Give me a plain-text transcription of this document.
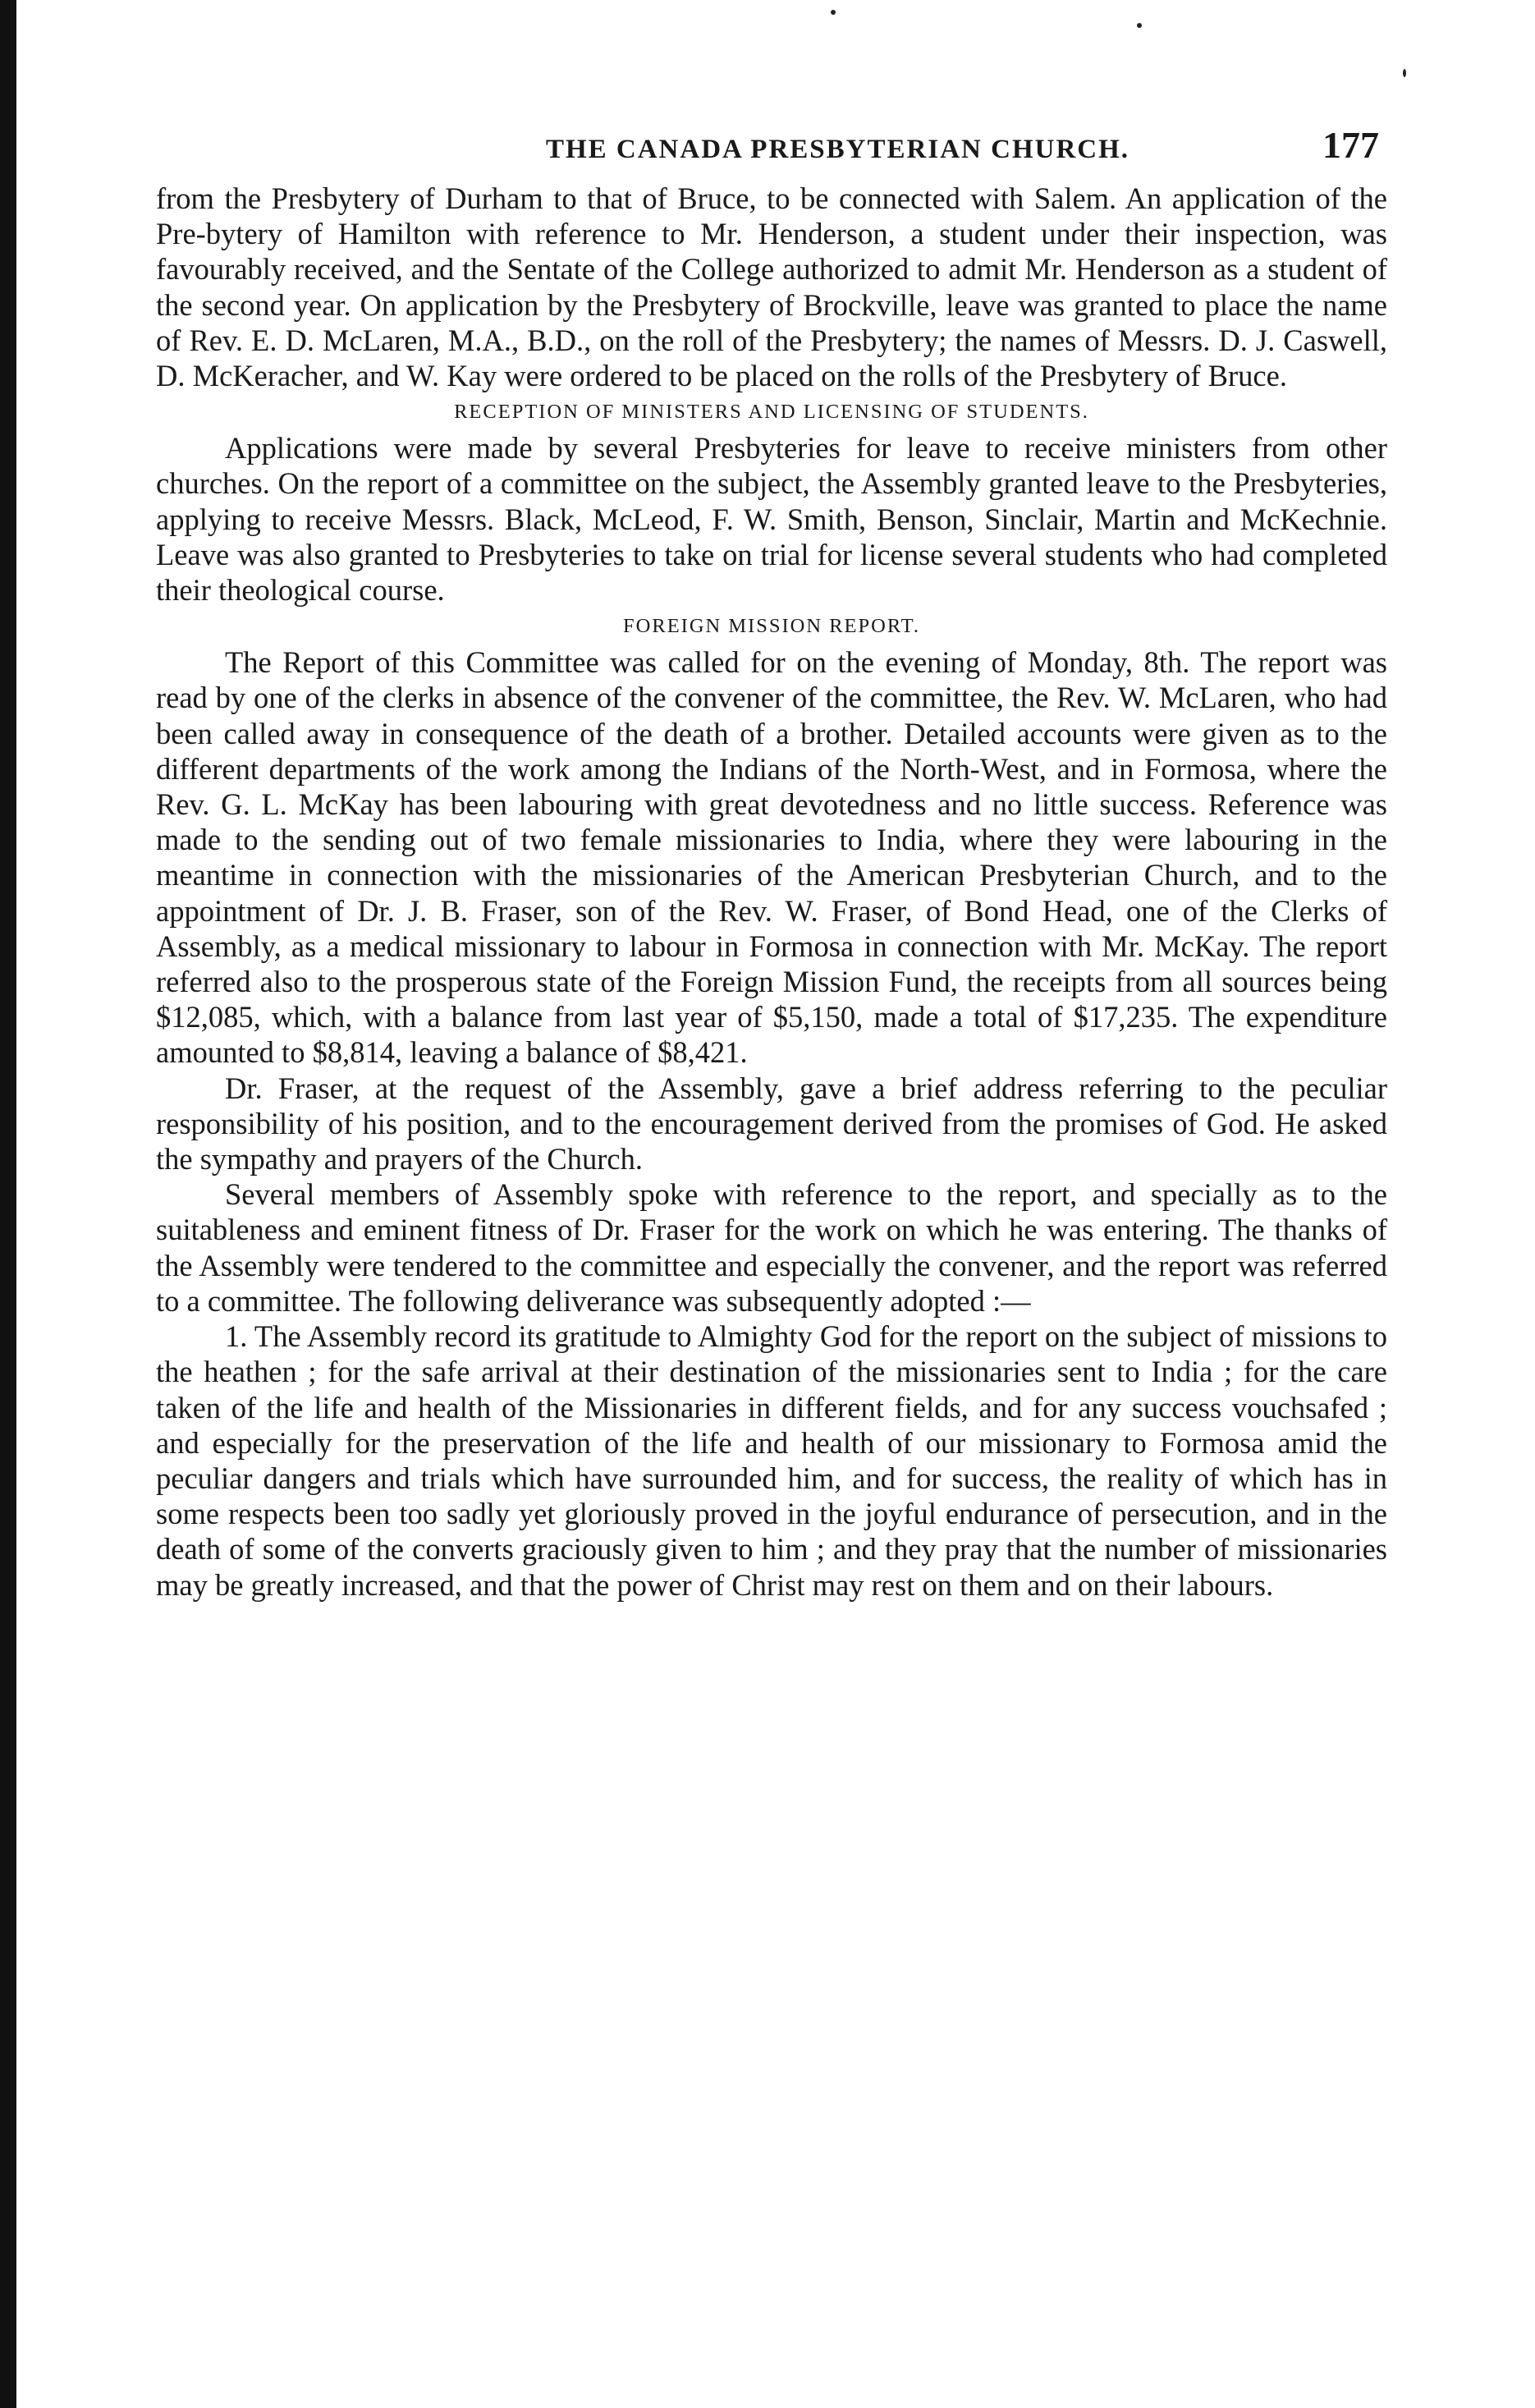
THE CANADA PRESBYTERIAN CHURCH.	177

from the Presbytery of Durham to that of Bruce, to be connected with Salem. An application of the Pre-bytery of Hamilton with reference to Mr. Henderson, a student under their inspection, was favourably received, and the Sentate of the College authorized to admit Mr. Henderson as a student of the second year. On application by the Presbytery of Brockville, leave was granted to place the name of Rev. E. D. McLaren, M.A., B.D., on the roll of the Presbytery; the names of Messrs. D. J. Caswell, D. McKeracher, and W. Kay were ordered to be placed on the rolls of the Presbytery of Bruce.

RECEPTION OF MINISTERS AND LICENSING OF STUDENTS.

Applications were made by several Presbyteries for leave to receive ministers from other churches. On the report of a committee on the subject, the Assembly granted leave to the Presbyteries, applying to receive Messrs. Black, McLeod, F. W. Smith, Benson, Sinclair, Martin and McKechnie. Leave was also granted to Presbyteries to take on trial for license several students who had completed their theological course.

FOREIGN MISSION REPORT.

The Report of this Committee was called for on the evening of Monday, 8th. The report was read by one of the clerks in absence of the convener of the committee, the Rev. W. McLaren, who had been called away in consequence of the death of a brother. Detailed accounts were given as to the different departments of the work among the Indians of the North-West, and in Formosa, where the Rev. G. L. McKay has been labouring with great devotedness and no little success. Reference was made to the sending out of two female missionaries to India, where they were labouring in the meantime in connection with the missionaries of the American Presbyterian Church, and to the appointment of Dr. J. B. Fraser, son of the Rev. W. Fraser, of Bond Head, one of the Clerks of Assembly, as a medical missionary to labour in Formosa in connection with Mr. McKay. The report referred also to the prosperous state of the Foreign Mission Fund, the receipts from all sources being $12,085, which, with a balance from last year of $5,150, made a total of $17,235. The expenditure amounted to $8,814, leaving a balance of $8,421.

Dr. Fraser, at the request of the Assembly, gave a brief address referring to the peculiar responsibility of his position, and to the encouragement derived from the promises of God. He asked the sympathy and prayers of the Church.

Several members of Assembly spoke with reference to the report, and specially as to the suitableness and eminent fitness of Dr. Fraser for the work on which he was entering. The thanks of the Assembly were tendered to the committee and especially the convener, and the report was referred to a committee. The following deliverance was subsequently adopted :—

1. The Assembly record its gratitude to Almighty God for the report on the subject of missions to the heathen ; for the safe arrival at their destination of the missionaries sent to India ; for the care taken of the life and health of the Missionaries in different fields, and for any success vouchsafed ; and especially for the preservation of the life and health of our missionary to Formosa amid the peculiar dangers and trials which have surrounded him, and for success, the reality of which has in some respects been too sadly yet gloriously proved in the joyful endurance of persecution, and in the death of some of the converts graciously given to him ; and they pray that the number of missionaries may be greatly increased, and that the power of Christ may rest on them and on their labours.
